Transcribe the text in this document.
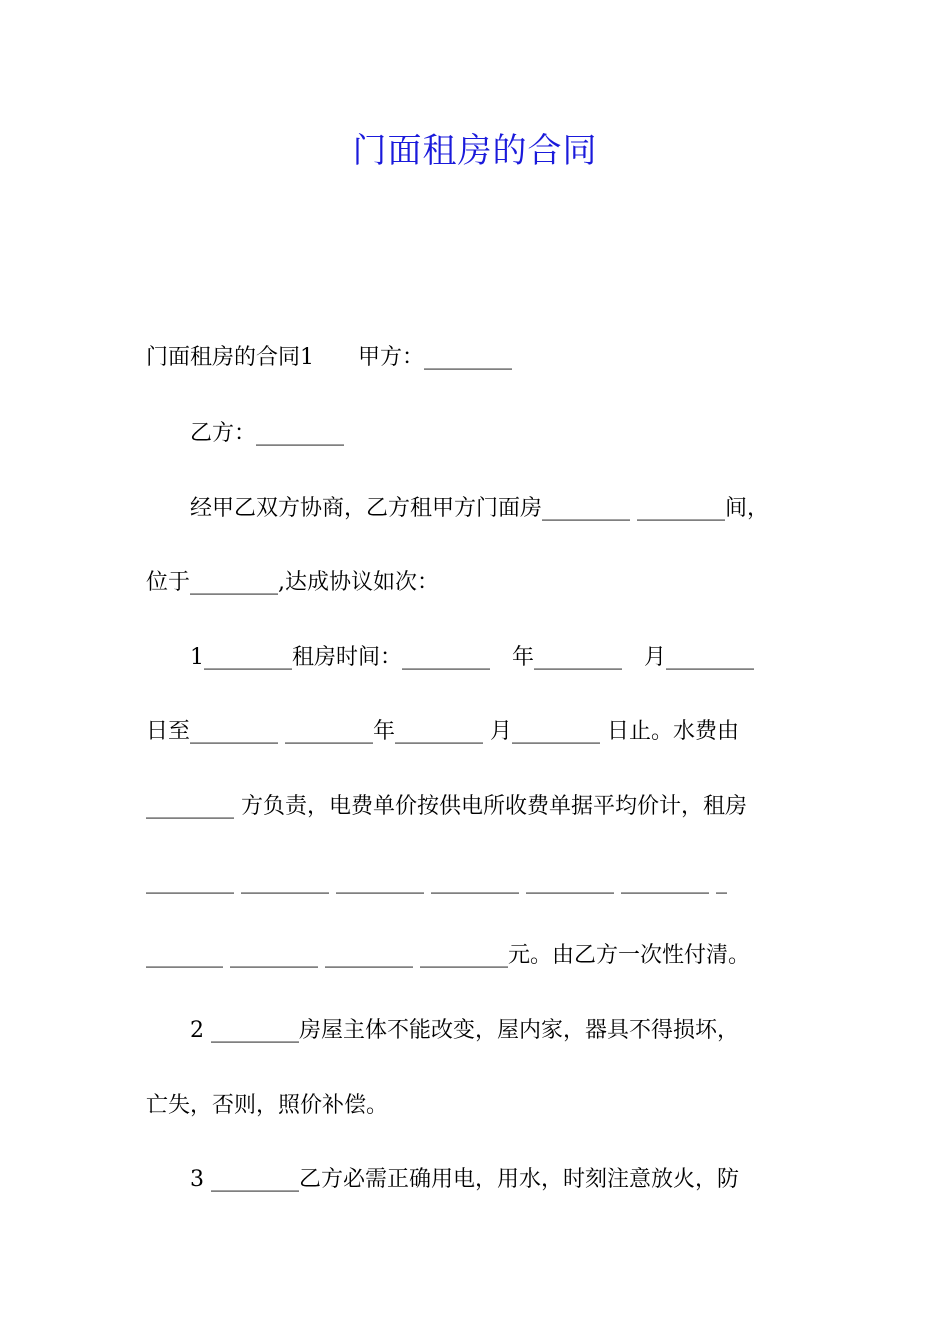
门面租房的合同
门面租房的合同1　　甲方：________
　　乙方：________
　　经甲乙双方协商，乙方租甲方门面房________ ________间，
位于________,达成协议如次：
　　1________租房时间：________　年________　月________
日至________ ________年________ 月________ 日止。水费由
________ 方负责，电费单价按供电所收费单据平均价计，租房
________ ________ ________ ________ ________ ________ _
_______ ________ ________ ________元。由乙方一次性付清。
　　2 ________房屋主体不能改变，屋内家，器具不得损坏，
亡失，否则，照价补偿。
　　3 ________乙方必需正确用电，用水，时刻注意放火，防
